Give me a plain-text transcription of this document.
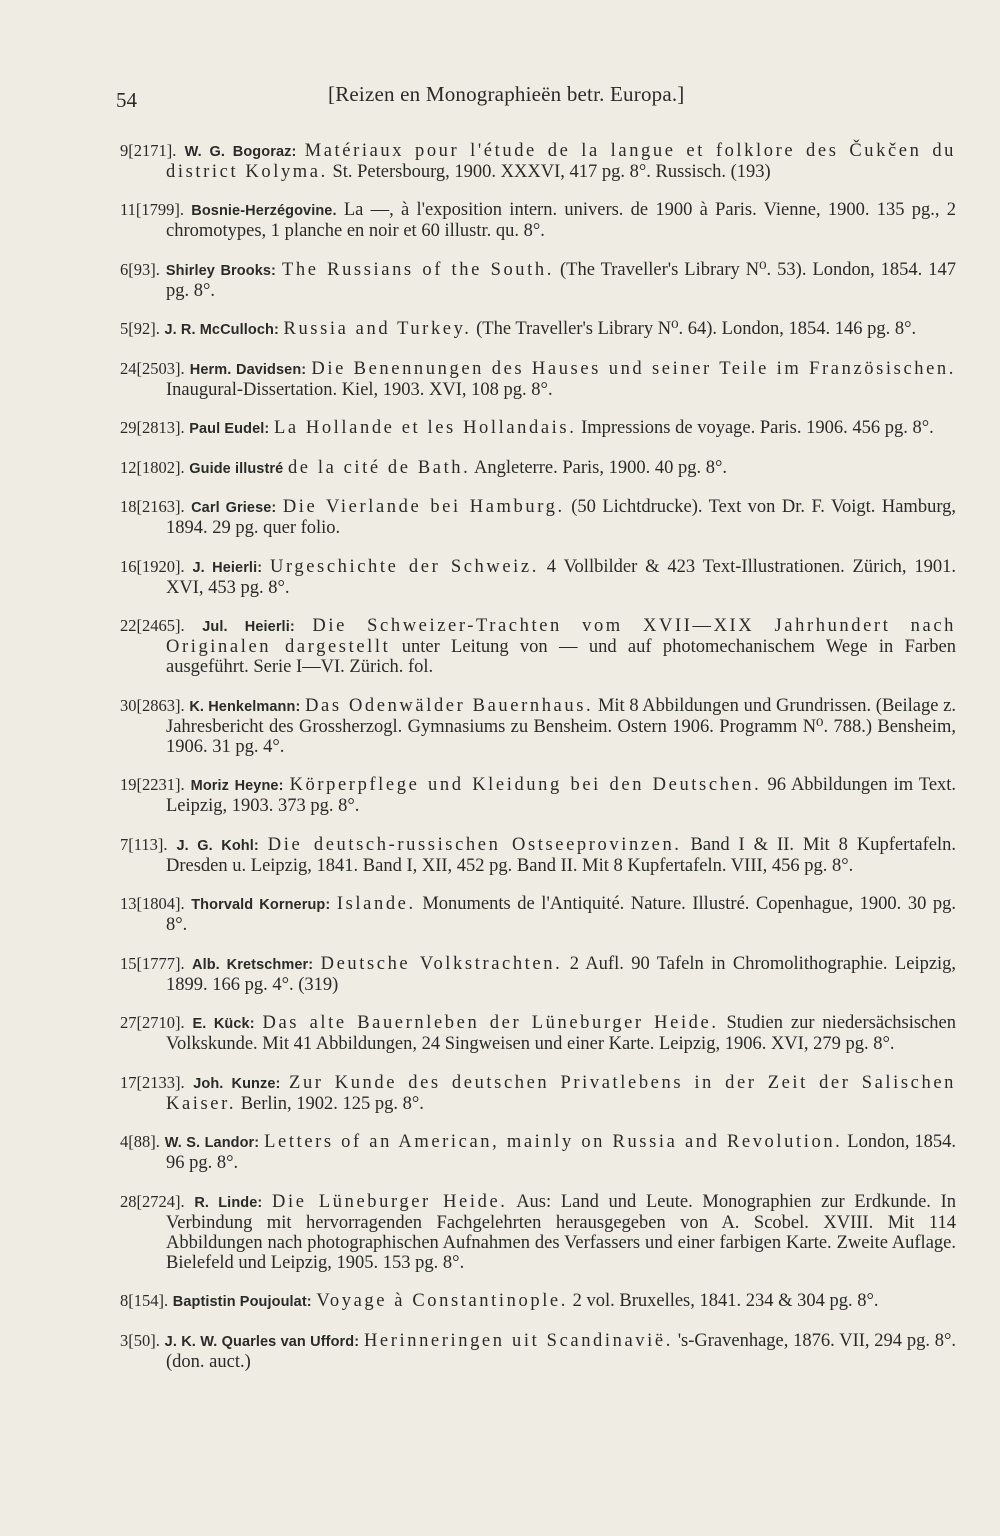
54	[Reizen en Monographieën betr. Europa.]

9[2171]. W. G. Bogoraz: Matériaux pour l'étude de la langue et folklore des Čukčen du district Kolyma. St. Petersbourg, 1900. XXXVI, 417 pg. 8°. Russisch. (193)

11[1799]. Bosnie-Herzégovine. La —, à l'exposition intern. univers. de 1900 à Paris. Vienne, 1900. 135 pg., 2 chromotypes, 1 planche en noir et 60 illustr. qu. 8°.

6[93]. Shirley Brooks: The Russians of the South. (The Traveller's Library N⁰. 53). London, 1854. 147 pg. 8°.

5[92]. J. R. McCulloch: Russia and Turkey. (The Traveller's Library N⁰. 64). London, 1854. 146 pg. 8°.

24[2503]. Herm. Davidsen: Die Benennungen des Hauses und seiner Teile im Französischen. Inaugural-Dissertation. Kiel, 1903. XVI, 108 pg. 8°.

29[2813]. Paul Eudel: La Hollande et les Hollandais. Impressions de voyage. Paris. 1906. 456 pg. 8°.

12[1802]. Guide illustré de la cité de Bath. Angleterre. Paris, 1900. 40 pg. 8°.

18[2163]. Carl Griese: Die Vierlande bei Hamburg. (50 Lichtdrucke). Text von Dr. F. Voigt. Hamburg, 1894. 29 pg. quer folio.

16[1920]. J. Heierli: Urgeschichte der Schweiz. 4 Vollbilder & 423 Text-Illustrationen. Zürich, 1901. XVI, 453 pg. 8°.

22[2465]. Jul. Heierli: Die Schweizer-Trachten vom XVII—XIX Jahrhundert nach Originalen dargestellt unter Leitung von — und auf photomechanischem Wege in Farben ausgeführt. Serie I—VI. Zürich. fol.

30[2863]. K. Henkelmann: Das Odenwälder Bauernhaus. Mit 8 Abbildungen und Grundrissen. (Beilage z. Jahresbericht des Grossherzogl. Gymnasiums zu Bensheim. Ostern 1906. Programm N⁰. 788.) Bensheim, 1906. 31 pg. 4°.

19[2231]. Moriz Heyne: Körperpflege und Kleidung bei den Deutschen. 96 Abbildungen im Text. Leipzig, 1903. 373 pg. 8°.

7[113]. J. G. Kohl: Die deutsch-russischen Ostseeprovinzen. Band I & II. Mit 8 Kupfertafeln. Dresden u. Leipzig, 1841. Band I, XII, 452 pg. Band II. Mit 8 Kupfertafeln. VIII, 456 pg. 8°.

13[1804]. Thorvald Kornerup: Islande. Monuments de l'Antiquité. Nature. Illustré. Copenhague, 1900. 30 pg. 8°.

15[1777]. Alb. Kretschmer: Deutsche Volkstrachten. 2 Aufl. 90 Tafeln in Chromolithographie. Leipzig, 1899. 166 pg. 4°. (319)

27[2710]. E. Kück: Das alte Bauernleben der Lüneburger Heide. Studien zur niedersächsischen Volkskunde. Mit 41 Abbildungen, 24 Singweisen und einer Karte. Leipzig, 1906. XVI, 279 pg. 8°.

17[2133]. Joh. Kunze: Zur Kunde des deutschen Privatlebens in der Zeit der Salischen Kaiser. Berlin, 1902. 125 pg. 8°.

4[88]. W. S. Landor: Letters of an American, mainly on Russia and Revolution. London, 1854. 96 pg. 8°.

28[2724]. R. Linde: Die Lüneburger Heide. Aus: Land und Leute. Monographien zur Erdkunde. In Verbindung mit hervorragenden Fachgelehrten herausgegeben von A. Scobel. XVIII. Mit 114 Abbildungen nach photographischen Aufnahmen des Verfassers und einer farbigen Karte. Zweite Auflage. Bielefeld und Leipzig, 1905. 153 pg. 8°.

8[154]. Baptistin Poujoulat: Voyage à Constantinople. 2 vol. Bruxelles, 1841. 234 & 304 pg. 8°.

3[50]. J. K. W. Quarles van Ufford: Herinneringen uit Scandinavië. 's-Gravenhage, 1876. VII, 294 pg. 8°. (don. auct.)
